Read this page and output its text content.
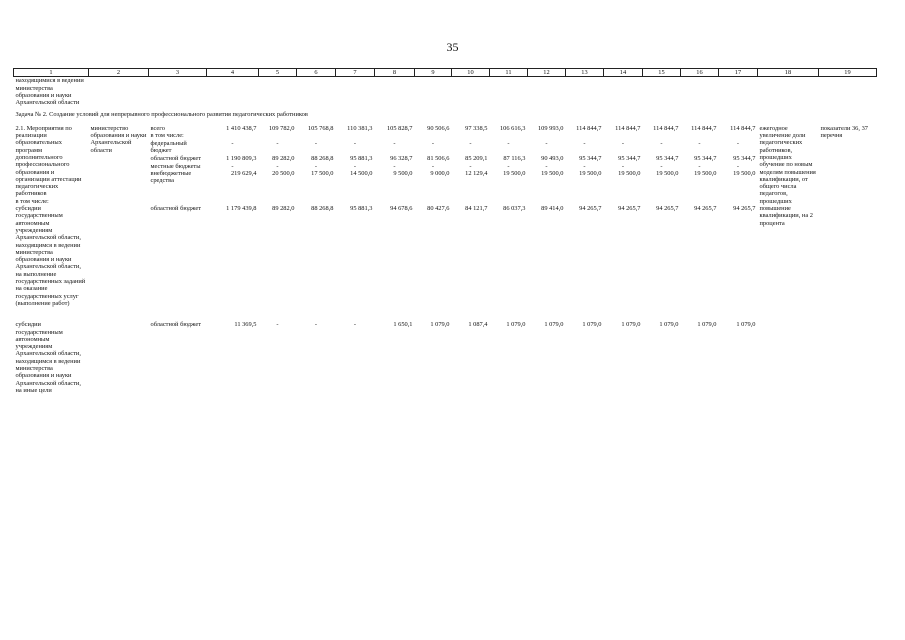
35
1	2	3	4	5	6	7	8	9	10	11	12	13	14	15	16	17	18	19
находящимися в ведении министерства образования и науки Архангельской области																		
Задача № 2. Создание условий для непрерывного профессионального развития педагогических работников																		
2.1. Мероприятия по реализации образовательных программ дополнительного профессионального образования и организации аттестации педагогических работников	министерство образования и науки Архангельской области	всего	1 410 438,7	109 782,0	105 768,8	110 381,3	105 828,7	90 506,6	97 338,5	106 616,3	109 993,0	114 844,7	114 844,7	114 844,7	114 844,7	114 844,7	ежегодное увеличение доли педагогических работников, прошедших обучение по новым моделям повышения квалификации, от общего числа педагогов, прошедших повышение квалификации, на 2 процента	показатели 36, 37 перечня
		в том числе:																
		федеральный бюджет	-	-	-	-	-	-	-	-	-	-	-	-	-	-		
		областной бюджет	1 190 809,3	89 282,0	88 268,8	95 881,3	96 328,7	81 506,6	85 209,1	87 116,3	90 493,0	95 344,7	95 344,7	95 344,7	95 344,7	95 344,7		
		местные бюджеты	-	-	-	-	-	-	-	-	-	-	-	-	-	-		
		внебюджетные средства	219 629,4	20 500,0	17 500,0	14 500,0	9 500,0	9 000,0	12 129,4	19 500,0	19 500,0	19 500,0	19 500,0	19 500,0	19 500,0	19 500,0		
в том числе:																		
субсидии государственным автономным учреждениям Архангельской области, находящимся в ведении министерства образования и науки Архангельской области, на выполнение государственных заданий на оказание государственных услуг (выполнение работ)		областной бюджет	1 179 439,8	89 282,0	88 268,8	95 881,3	94 678,6	80 427,6	84 121,7	86 037,3	89 414,0	94 265,7	94 265,7	94 265,7	94 265,7	94 265,7		
субсидии государственным автономным учреждениям Архангельской области, находящимся в ведении министерства образования и науки Архангельской области, на иные цели		областной бюджет	11 369,5	-	-	-	1 650,1	1 079,0	1 087,4	1 079,0	1 079,0	1 079,0	1 079,0	1 079,0	1 079,0	1 079,0		
